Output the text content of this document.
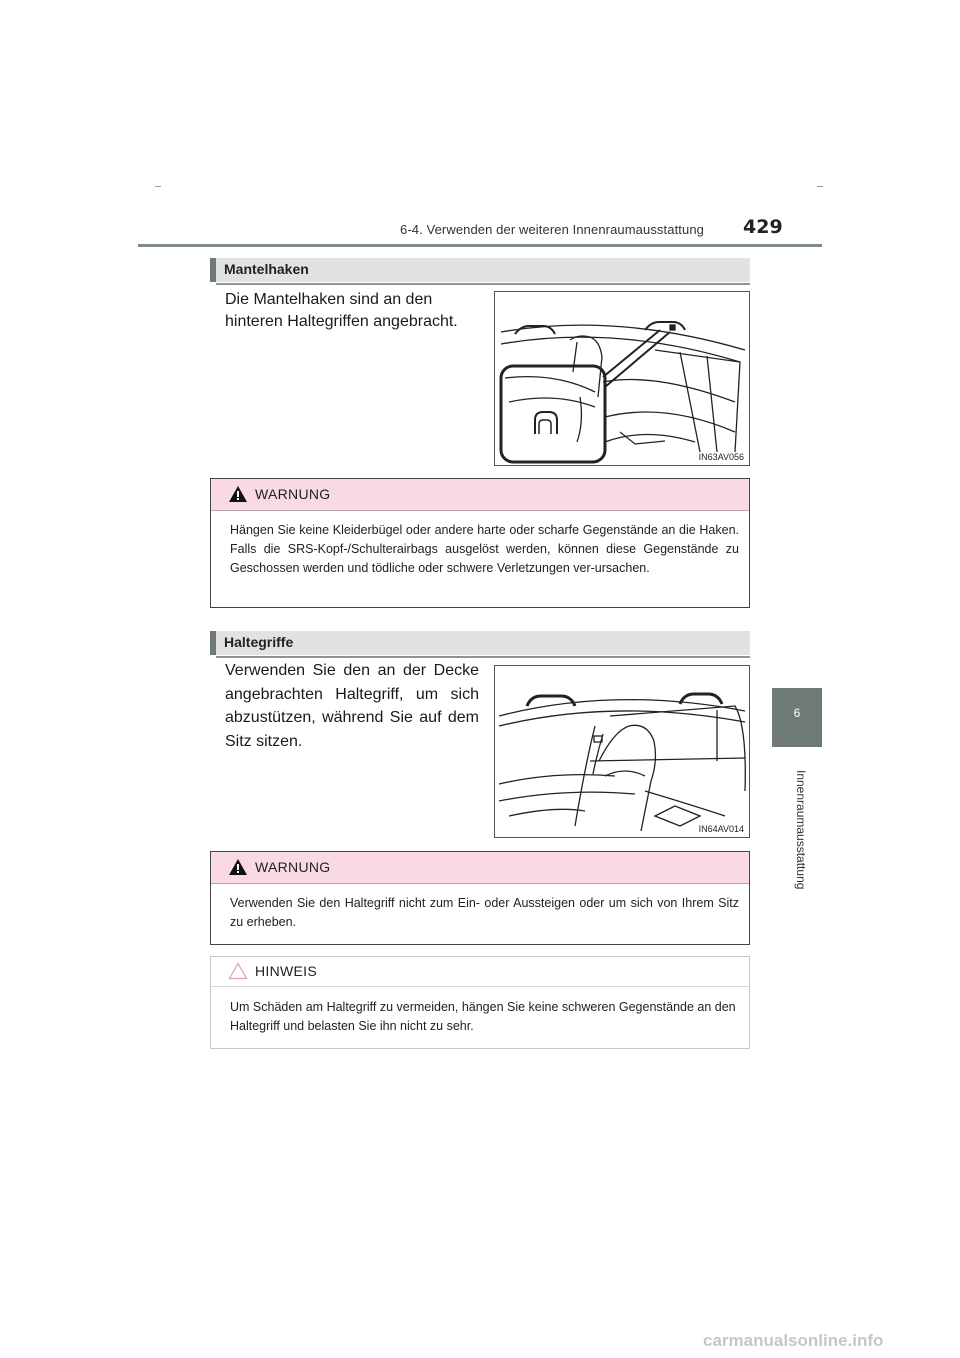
6-4. Verwenden der weiteren Innenraumausstattung 429
6
Innenraumausstattung
Mantelhaken
Die Mantelhaken sind an den hinteren Haltegriffen angebracht.
IN63AV056
WARNUNG
Hängen Sie keine Kleiderbügel oder andere harte oder scharfe Gegenstände an die Haken. Falls die SRS-Kopf-/Schulterairbags ausgelöst werden, können diese Gegenstände zu Geschossen werden und tödliche oder schwere Verletzungen ver-ursachen.
Haltegriffe
Verwenden Sie den an der Decke angebrachten Haltegriff, um sich abzustützen, während Sie auf dem Sitz sitzen.
IN64AV014
WARNUNG
Verwenden Sie den Haltegriff nicht zum Ein- oder Aussteigen oder um sich von Ihrem Sitz zu erheben.
HINWEIS
Um Schäden am Haltegriff zu vermeiden, hängen Sie keine schweren Gegenstände an den Haltegriff und belasten Sie ihn nicht zu sehr.
carmanualsonline.info
